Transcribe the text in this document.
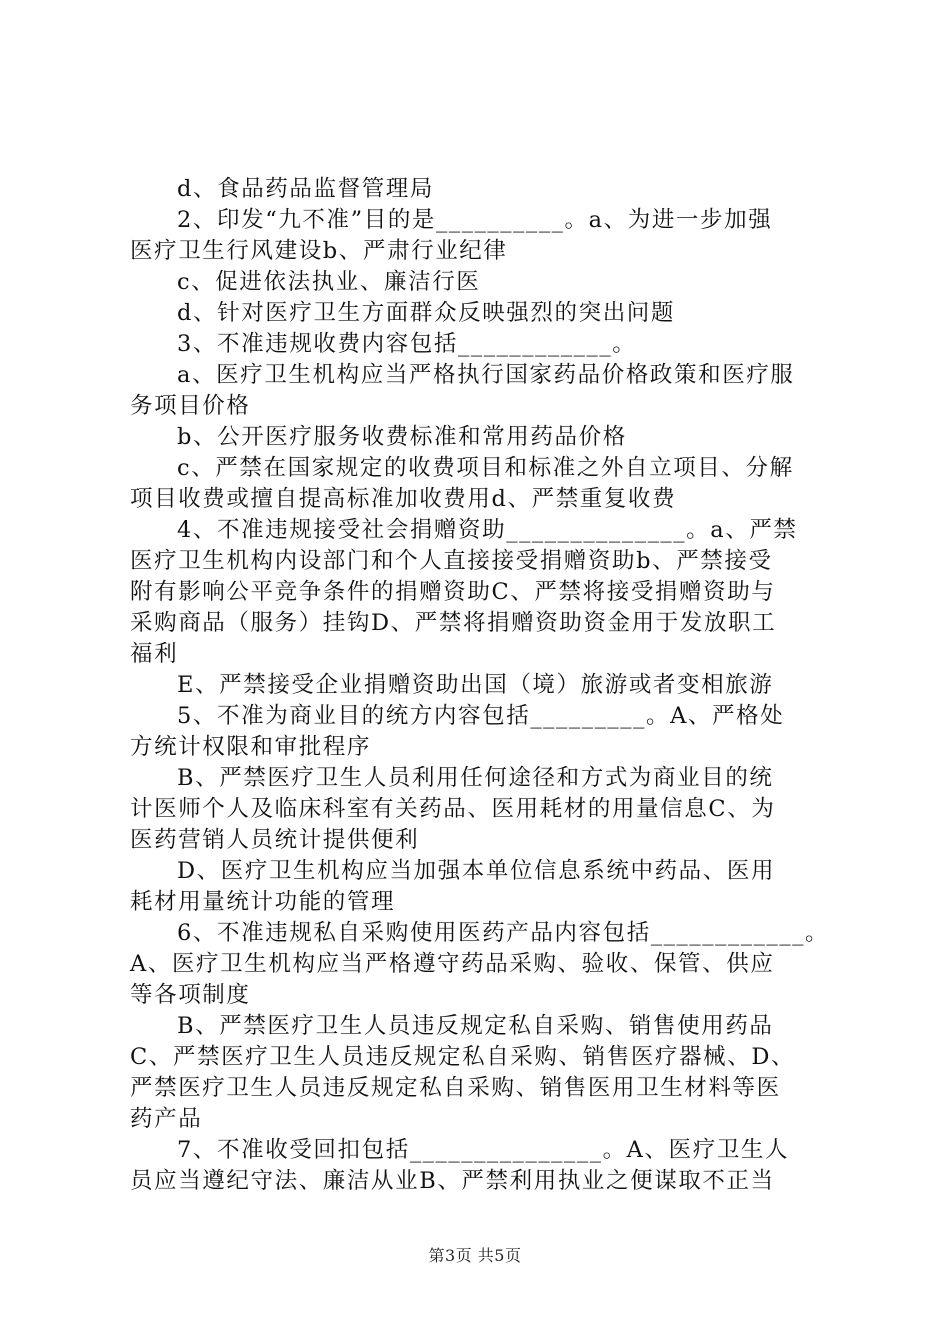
d、食品药品监督管理局
2、印发“九不准”目的是__________。a、为进一步加强
医疗卫生行风建设b、严肃行业纪律
c、促进依法执业、廉洁行医
d、针对医疗卫生方面群众反映强烈的突出问题
3、不准违规收费内容包括____________。
a、医疗卫生机构应当严格执行国家药品价格政策和医疗服
务项目价格
b、公开医疗服务收费标准和常用药品价格
c、严禁在国家规定的收费项目和标准之外自立项目、分解
项目收费或擅自提高标准加收费用d、严禁重复收费
4、不准违规接受社会捐赠资助______________。a、严禁
医疗卫生机构内设部门和个人直接接受捐赠资助b、严禁接受
附有影响公平竞争条件的捐赠资助C、严禁将接受捐赠资助与
采购商品（服务）挂钩D、严禁将捐赠资助资金用于发放职工
福利
E、严禁接受企业捐赠资助出国（境）旅游或者变相旅游
5、不准为商业目的统方内容包括_________。A、严格处
方统计权限和审批程序
B、严禁医疗卫生人员利用任何途径和方式为商业目的统
计医师个人及临床科室有关药品、医用耗材的用量信息C、为
医药营销人员统计提供便利
D、医疗卫生机构应当加强本单位信息系统中药品、医用
耗材用量统计功能的管理
6、不准违规私自采购使用医药产品内容包括____________。
A、医疗卫生机构应当严格遵守药品采购、验收、保管、供应
等各项制度
B、严禁医疗卫生人员违反规定私自采购、销售使用药品
C、严禁医疗卫生人员违反规定私自采购、销售医疗器械、D、
严禁医疗卫生人员违反规定私自采购、销售医用卫生材料等医
药产品
7、不准收受回扣包括_______________。A、医疗卫生人
员应当遵纪守法、廉洁从业B、严禁利用执业之便谋取不正当
第3页 共5页
